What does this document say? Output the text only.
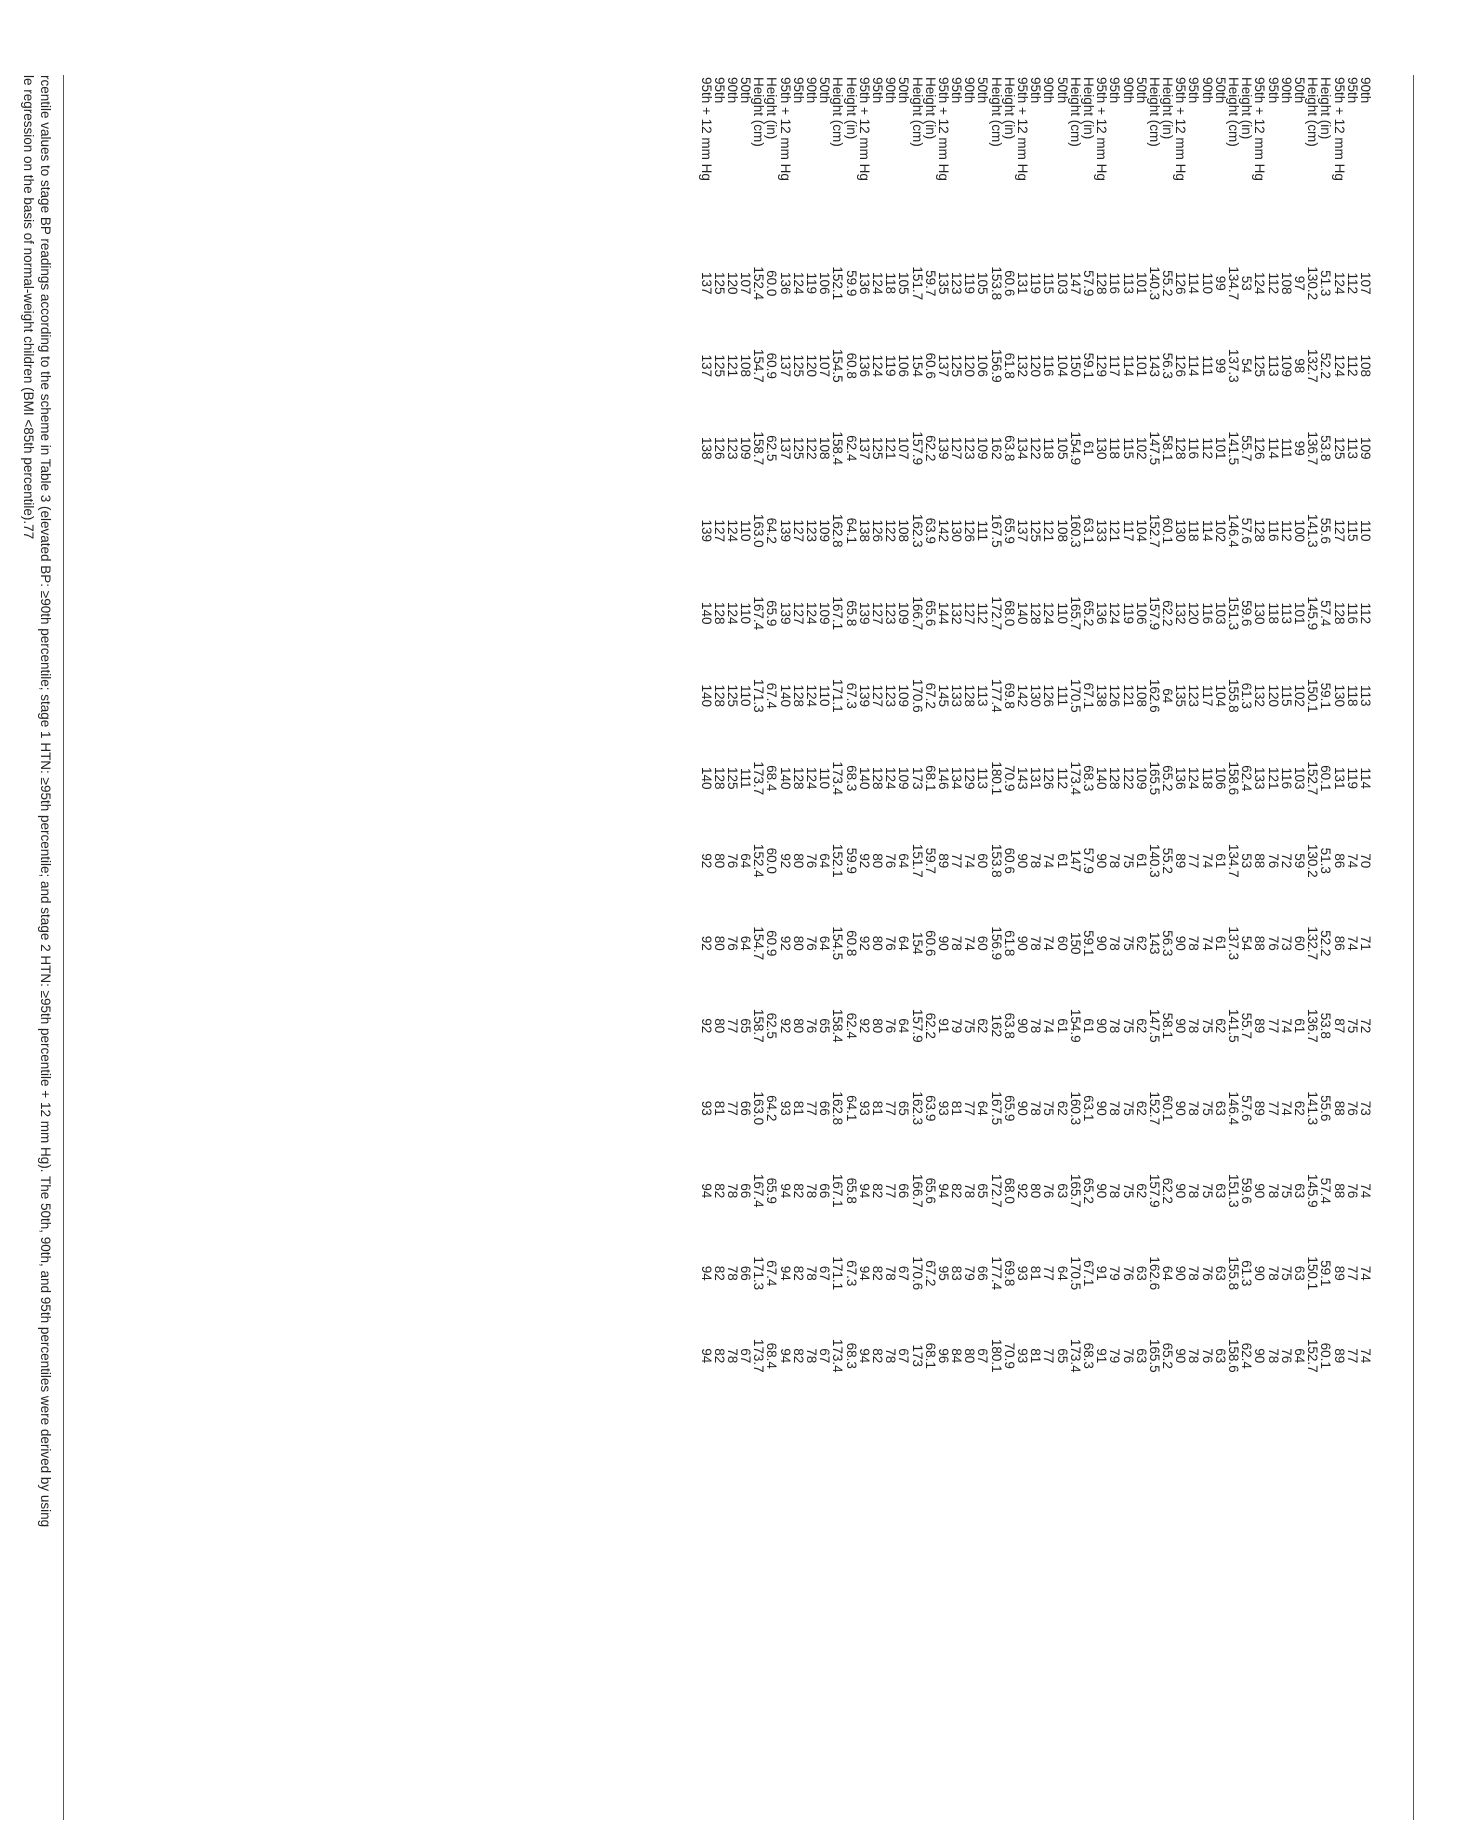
90th	107	108	109	110	112	113	114	70	71	72	73	74	74	74
95th	112	112	113	115	116	118	119	74	74	75	76	76	77	77
95th + 12 mm Hg	124	124	125	127	128	130	131	86	86	87	88	88	89	89
Height (in)	51.3	52.2	53.8	55.6	57.4	59.1	60.1	51.3	52.2	53.8	55.6	57.4	59.1	60.1
Height (cm)	130.2	132.7	136.7	141.3	145.9	150.1	152.7	130.2	132.7	136.7	141.3	145.9	150.1	152.7
50th	97	98	99	100	101	102	103	59	60	61	62	63	63	64
90th	108	109	111	112	113	115	116	72	73	74	74	75	75	76
95th	112	113	114	116	118	120	121	76	76	77	77	78	78	78
95th + 12 mm Hg	124	125	126	128	130	132	133	88	88	89	89	90	90	90
Height (in)	53	54	55.7	57.6	59.6	61.3	62.4	53	54	55.7	57.6	59.6	61.3	62.4
Height (cm)	134.7	137.3	141.5	146.4	151.3	155.8	158.6	134.7	137.3	141.5	146.4	151.3	155.8	158.6
50th	99	99	101	102	103	104	106	61	61	62	63	63	63	63
90th	110	111	112	114	116	117	118	74	74	75	75	75	76	76
95th	114	114	116	118	120	123	124	77	78	78	78	78	78	78
95th + 12 mm Hg	126	126	128	130	132	135	136	89	90	90	90	90	90	90
Height (in)	55.2	56.3	58.1	60.1	62.2	64	65.2	55.2	56.3	58.1	60.1	62.2	64	65.2
Height (cm)	140.3	143	147.5	152.7	157.9	162.6	165.5	140.3	143	147.5	152.7	157.9	162.6	165.5
50th	101	101	102	104	106	108	109	61	62	62	62	62	63	63
90th	113	114	115	117	119	121	122	75	75	75	75	75	76	76
95th	116	117	118	121	124	126	128	78	78	78	78	78	79	79
95th + 12 mm Hg	128	129	130	133	136	138	140	90	90	90	90	90	91	91
Height (in)	57.9	59.1	61	63.1	65.2	67.1	68.3	57.9	59.1	61	63.1	65.2	67.1	68.3
Height (cm)	147	150	154.9	160.3	165.7	170.5	173.4	147	150	154.9	160.3	165.7	170.5	173.4
50th	103	104	105	108	110	111	112	61	60	61	62	63	64	65
90th	115	116	118	121	124	126	126	74	74	74	75	76	77	77
95th	119	120	122	125	128	130	131	78	78	78	78	80	81	81
95th + 12 mm Hg	131	132	134	137	140	142	143	90	90	90	90	92	93	93
Height (in)	60.6	61.8	63.8	65.9	68.0	69.8	70.9	60.6	61.8	63.8	65.9	68.0	69.8	70.9
Height (cm)	153.8	156.9	162	167.5	172.7	177.4	180.1	153.8	156.9	162	167.5	172.7	177.4	180.1
50th	105	106	109	111	112	113	113	60	60	62	64	65	66	67
90th	119	120	123	126	127	128	129	74	74	75	77	78	79	80
95th	123	125	127	130	132	133	134	77	78	79	81	82	83	84
95th + 12 mm Hg	135	137	139	142	144	145	146	89	90	91	93	94	95	96
Height (in)	59.7	60.6	62.2	63.9	65.6	67.2	68.1	59.7	60.6	62.2	63.9	65.6	67.2	68.1
Height (cm)	151.7	154	157.9	162.3	166.7	170.6	173	151.7	154	157.9	162.3	166.7	170.6	173
50th	105	106	107	108	109	109	109	64	64	64	65	66	67	67
90th	118	119	121	122	123	123	124	76	76	76	77	77	78	78
95th	124	124	125	126	127	127	128	80	80	80	81	82	82	82
95th + 12 mm Hg	136	136	137	138	139	139	140	92	92	92	93	94	94	94
Height (in)	59.9	60.8	62.4	64.1	65.8	67.3	68.3	59.9	60.8	62.4	64.1	65.8	67.3	68.3
Height (cm)	152.1	154.5	158.4	162.8	167.1	171.1	173.4	152.1	154.5	158.4	162.8	167.1	171.1	173.4
50th	106	107	108	109	109	110	110	64	64	65	66	66	67	67
90th	119	120	122	123	124	124	124	76	76	76	77	78	78	78
95th	124	125	125	127	127	128	128	80	80	80	81	82	82	82
95th + 12 mm Hg	136	137	137	139	139	140	140	92	92	92	93	94	94	94
Height (in)	60.0	60.9	62.5	64.2	65.9	67.4	68.4	60.0	60.9	62.5	64.2	65.9	67.4	68.4
Height (cm)	152.4	154.7	158.7	163.0	167.4	171.3	173.7	152.4	154.7	158.7	163.0	167.4	171.3	173.7
50th	107	108	109	110	110	110	111	64	64	65	66	66	66	67
90th	120	121	123	124	124	125	125	76	76	77	77	78	78	78
95th	125	125	126	127	128	128	128	80	80	80	81	82	82	82
95th + 12 mm Hg	137	137	138	139	140	140	140	92	92	92	93	94	94	94
rcentile values to stage BP readings according to the scheme in Table 3 (elevated BP: ≥90th percentile; stage 1 HTN: ≥95th percentile; and stage 2 HTN: ≥95th percentile + 12 mm Hg). The 50th, 90th, and 95th percentiles were derived by using
le regression on the basis of normal-weight children (BMI <85th percentile).77
